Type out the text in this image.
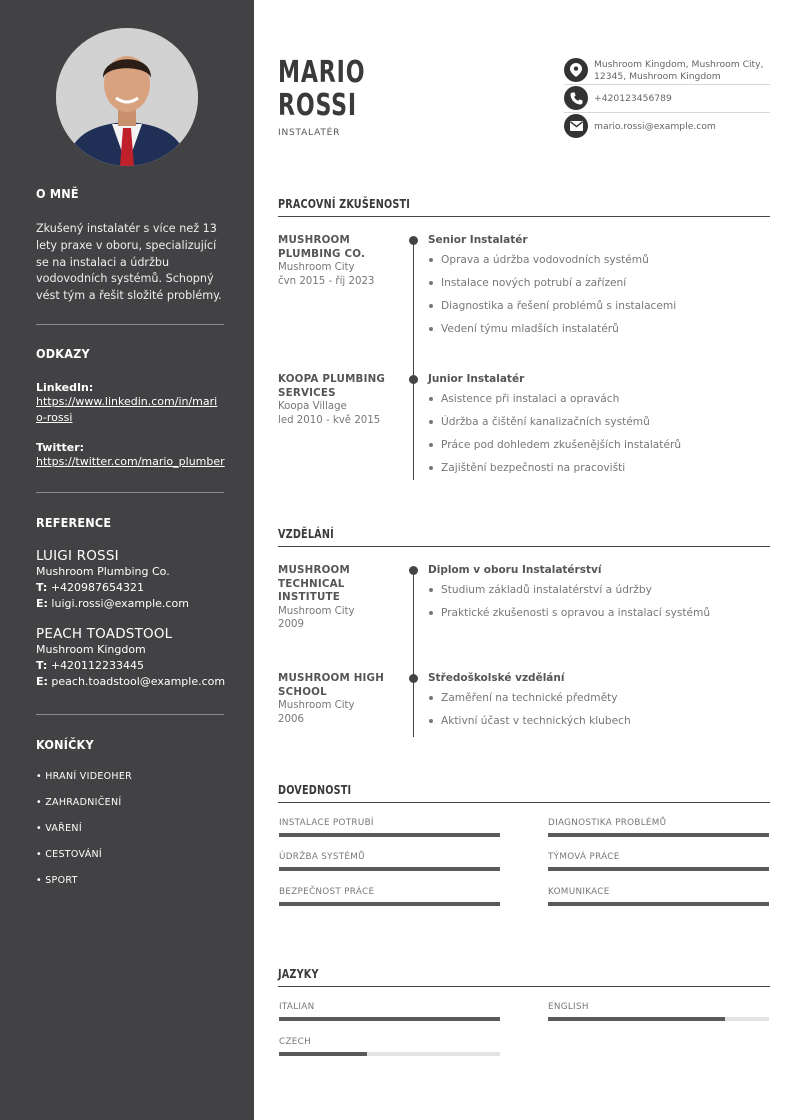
O MNĚ
Zkušený instalatér s více než 13 lety praxe v oboru, specializující se na instalaci a údržbu vodovodních systémů. Schopný vést tým a řešit složité problémy.
ODKAZY
LinkedIn:
https://www.linkedin.com/in/mario-rossi
Twitter:
https://twitter.com/mario_plumber
REFERENCE
LUIGI ROSSI
Mushroom Plumbing Co.
T: +420987654321
E: luigi.rossi@example.com
PEACH TOADSTOOL
Mushroom Kingdom
T: +420112233445
E: peach.toadstool@example.com
KONÍČKY
• HRANÍ VIDEOHER
• ZAHRADNIČENÍ
• VAŘENÍ
• CESTOVÁNÍ
• SPORT
MARIO
ROSSI
INSTALATÉR
Mushroom Kingdom, Mushroom City, 12345, Mushroom Kingdom
+420123456789
mario.rossi@example.com
PRACOVNÍ ZKUŠENOSTI
MUSHROOM PLUMBING CO.
Mushroom City
čvn 2015 - říj 2023
Senior Instalatér
Oprava a údržba vodovodních systémů
Instalace nových potrubí a zařízení
Diagnostika a řešení problémů s instalacemi
Vedení týmu mladších instalatérů
KOOPA PLUMBING SERVICES
Koopa Village
led 2010 - kvě 2015
Junior Instalatér
Asistence při instalaci a opravách
Údržba a čištění kanalizačních systémů
Práce pod dohledem zkušenějších instalatérů
Zajištění bezpečnosti na pracovišti
VZDĚLÁNÍ
MUSHROOM TECHNICAL INSTITUTE
Mushroom City
2009
Diplom v oboru Instalatérství
Studium základů instalatérství a údržby
Praktické zkušenosti s opravou a instalací systémů
MUSHROOM HIGH SCHOOL
Mushroom City
2006
Středoškolské vzdělání
Zaměření na technické předměty
Aktivní účast v technických klubech
DOVEDNOSTI
INSTALACE POTRUBÍ	DIAGNOSTIKA PROBLÉMŮ
ÚDRŽBA SYSTÉMŮ	TÝMOVÁ PRÁCE
BEZPEČNOST PRÁCE	KOMUNIKACE
JAZYKY
ITALIAN	ENGLISH
CZECH
